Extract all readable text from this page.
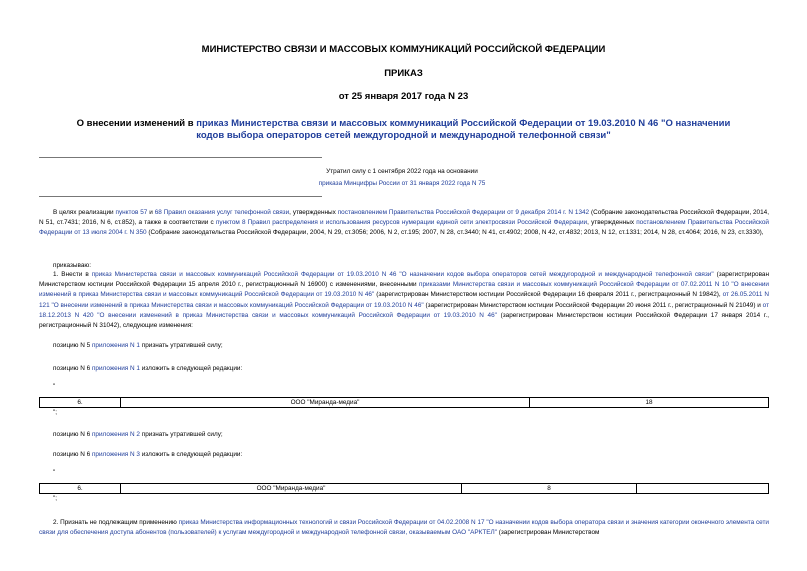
МИНИСТЕРСТВО СВЯЗИ И МАССОВЫХ КОММУНИКАЦИЙ РОССИЙСКОЙ ФЕДЕРАЦИИ
ПРИКАЗ
от 25 января 2017 года N 23
О внесении изменений в приказ Министерства связи и массовых коммуникаций Российской Федерации от 19.03.2010 N 46 "О назначении кодов выбора операторов сетей междугородной и международной телефонной связи"
Утратил силу с 1 сентября 2022 года на основании
приказа Минцифры России от 31 января 2022 года N 75
В целях реализации пунктов 57 и 68 Правил оказания услуг телефонной связи, утвержденных постановлением Правительства Российской Федерации от 9 декабря 2014 г. N 1342 (Собрание законодательства Российской Федерации, 2014, N 51, ст.7431; 2016, N 6, ст.852), а также в соответствии с пунктом 8 Правил распределения и использования ресурсов нумерации единой сети электросвязи Российской Федерации, утвержденных постановлением Правительства Российской Федерации от 13 июля 2004 г. N 350 (Собрание законодательства Российской Федерации, 2004, N 29, ст.3056; 2006, N 2, ст.195; 2007, N 28, ст.3440; N 41, ст.4902; 2008, N 42, ст.4832; 2013, N 12, ст.1331; 2014, N 28, ст.4064; 2016, N 23, ст.3330),
приказываю:
1. Внести в приказ Министерства связи и массовых коммуникаций Российской Федерации от 19.03.2010 N 46 "О назначении кодов выбора операторов сетей междугородной и международной телефонной связи" (зарегистрирован Министерством юстиции Российской Федерации 15 апреля 2010 г., регистрационный N 16900) с изменениями, внесенными приказами Министерства связи и массовых коммуникаций Российской Федерации от 07.02.2011 N 10 "О внесении изменений в приказ Министерства связи и массовых коммуникаций Российской Федерации от 19.03.2010 N 46" (зарегистрирован Министерством юстиции Российской Федерации 16 февраля 2011 г., регистрационный N 19842), от 26.05.2011 N 121 "О внесении изменений в приказ Министерства связи и массовых коммуникаций Российской Федерации от 19.03.2010 N 46" (зарегистрирован Министерством юстиции Российской Федерации 20 июня 2011 г., регистрационный N 21049) и от 18.12.2013 N 420 "О внесении изменений в приказ Министерства связи и массовых коммуникаций Российской Федерации от 19.03.2010 N 46" (зарегистрирован Министерством юстиции Российской Федерации 17 января 2014 г., регистрационный N 31042), следующие изменения:
позицию N 5 приложения N 1 признать утратившей силу;
позицию N 6 приложения N 1 изложить в следующей редакции:
"
6.	ООО "Миранда-медиа"	18
";
позицию N 6 приложения N 2 признать утратившей силу;
позицию N 6 приложения N 3 изложить в следующей редакции:
"
6.	ООО "Миранда-медиа"	8	
";
2. Признать не подлежащим применению приказ Министерства информационных технологий и связи Российской Федерации от 04.02.2008 N 17 "О назначении кодов выбора оператора связи и значения категории оконечного элемента сети связи для обеспечения доступа абонентов (пользователей) к услугам междугородной и международной телефонной связи, оказываемым ОАО "АРКТЕЛ" (зарегистрирован Министерством
